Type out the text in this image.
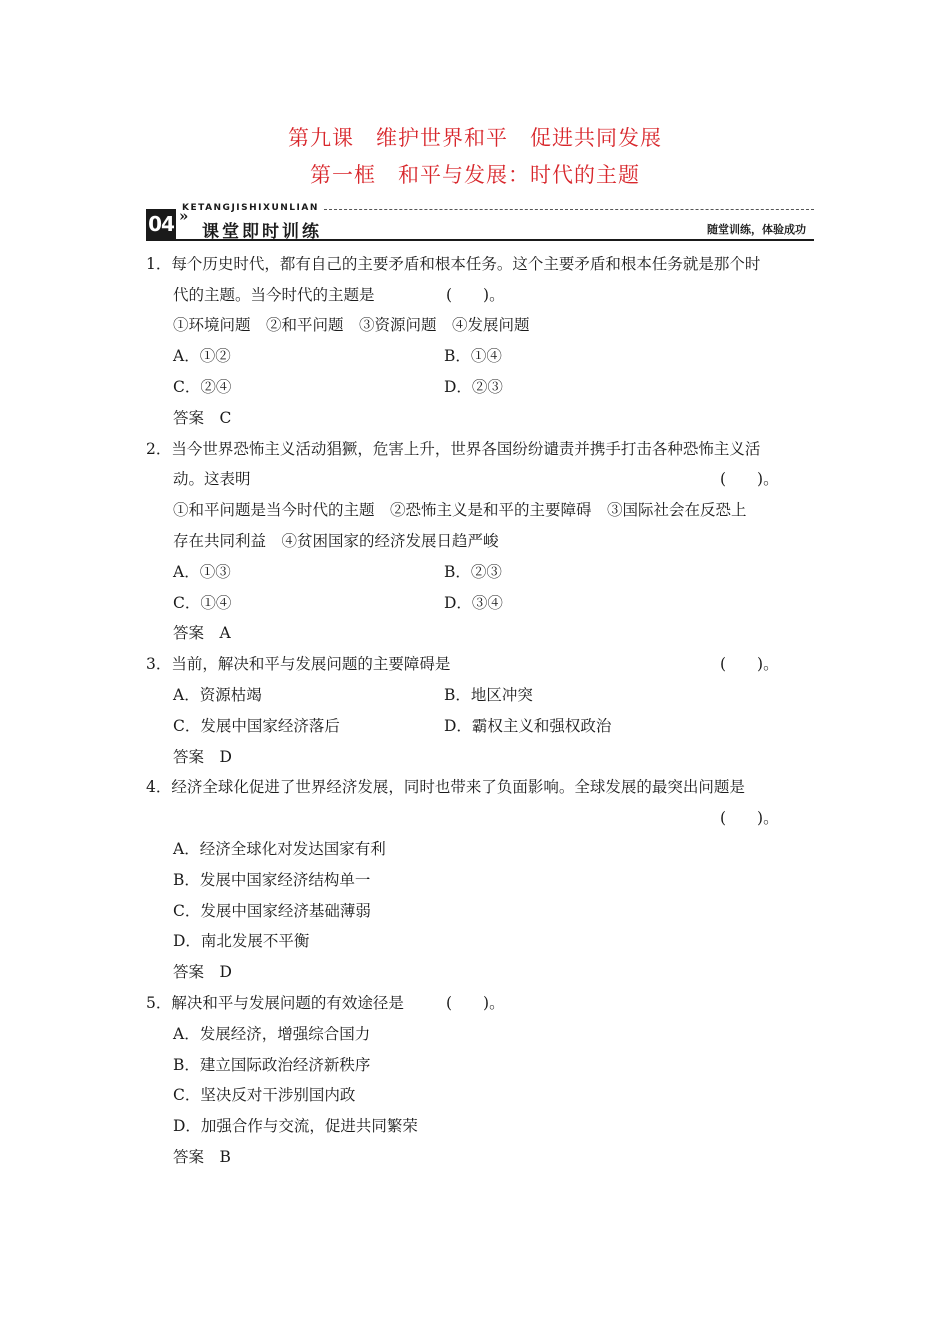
第九课　维护世界和平　促进共同发展
第一框　和平与发展：时代的主题
04 »
KETANGJISHIXUNLIAN
课堂即时训练	随堂训练，体验成功
1．每个历史时代，都有自己的主要矛盾和根本任务。这个主要矛盾和根本任务就是那个时
代的主题。当今时代的主题是	(　　)。
①环境问题　②和平问题　③资源问题　④发展问题
A．①②	B．①④
C．②④	D．②③
答案　C
2．当今世界恐怖主义活动猖獗，危害上升，世界各国纷纷谴责并携手打击各种恐怖主义活
动。这表明	(　　)。
①和平问题是当今时代的主题　②恐怖主义是和平的主要障碍　③国际社会在反恐上
存在共同利益　④贫困国家的经济发展日趋严峻
A．①③	B．②③
C．①④	D．③④
答案　A
3．当前，解决和平与发展问题的主要障碍是	(　　)。
A．资源枯竭	B．地区冲突
C．发展中国家经济落后	D．霸权主义和强权政治
答案　D
4．经济全球化促进了世界经济发展，同时也带来了负面影响。全球发展的最突出问题是
(　　)。
A．经济全球化对发达国家有利
B．发展中国家经济结构单一
C．发展中国家经济基础薄弱
D．南北发展不平衡
答案　D
5．解决和平与发展问题的有效途径是	(　　)。
A．发展经济，增强综合国力
B．建立国际政治经济新秩序
C．坚决反对干涉别国内政
D．加强合作与交流，促进共同繁荣
答案　B
